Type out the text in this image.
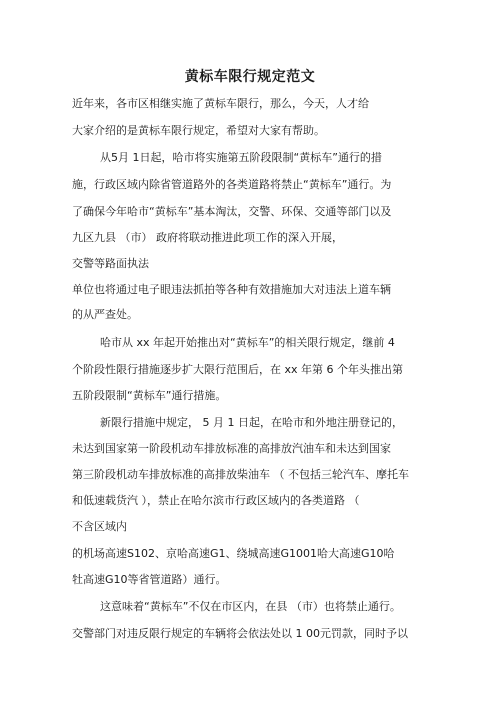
黄标车限行规定范文
近年来，各市区相继实施了黄标车限行，那么，今天，人才给
大家介绍的是黄标车限行规定，希望对大家有帮助。
从5月 1日起，哈市将实施第五阶段限制“黄标车”通行的措
施，行政区域内除省管道路外的各类道路将禁止“黄标车”通行。为
了确保今年哈市“黄标车”基本淘汰，交警、环保、交通等部门以及
九区九县 （市） 政府将联动推进此项工作的深入开展，
交警等路面执法
单位也将通过电子眼违法抓拍等各种有效措施加大对违法上道车辆
的从严查处。
哈市从 xx 年起开始推出对“黄标车”的相关限行规定，继前 4
个阶段性限行措施逐步扩大限行范围后，在 xx 年第 6 个年头推出第
五阶段限制“黄标车”通行措施。
新限行措施中规定， 5 月 1 日起，在哈市和外地注册登记的，
未达到国家第一阶段机动车排放标准的高排放汽油车和未达到国家
第三阶段机动车排放标准的高排放柴油车 （ 不包括三轮汽车、摩托车
和低速载货汽 ），禁止在哈尔滨市行政区域内的各类道路 （
不含区域内
的机场高速S102、京哈高速G1、绕城高速G1001哈大高速G10哈
牡高速G10等省管道路）通行。
这意味着“黄标车”不仅在市区内，在县 （市）也将禁止通行。
交警部门对违反限行规定的车辆将会依法处以 1 00元罚款，同时予以
